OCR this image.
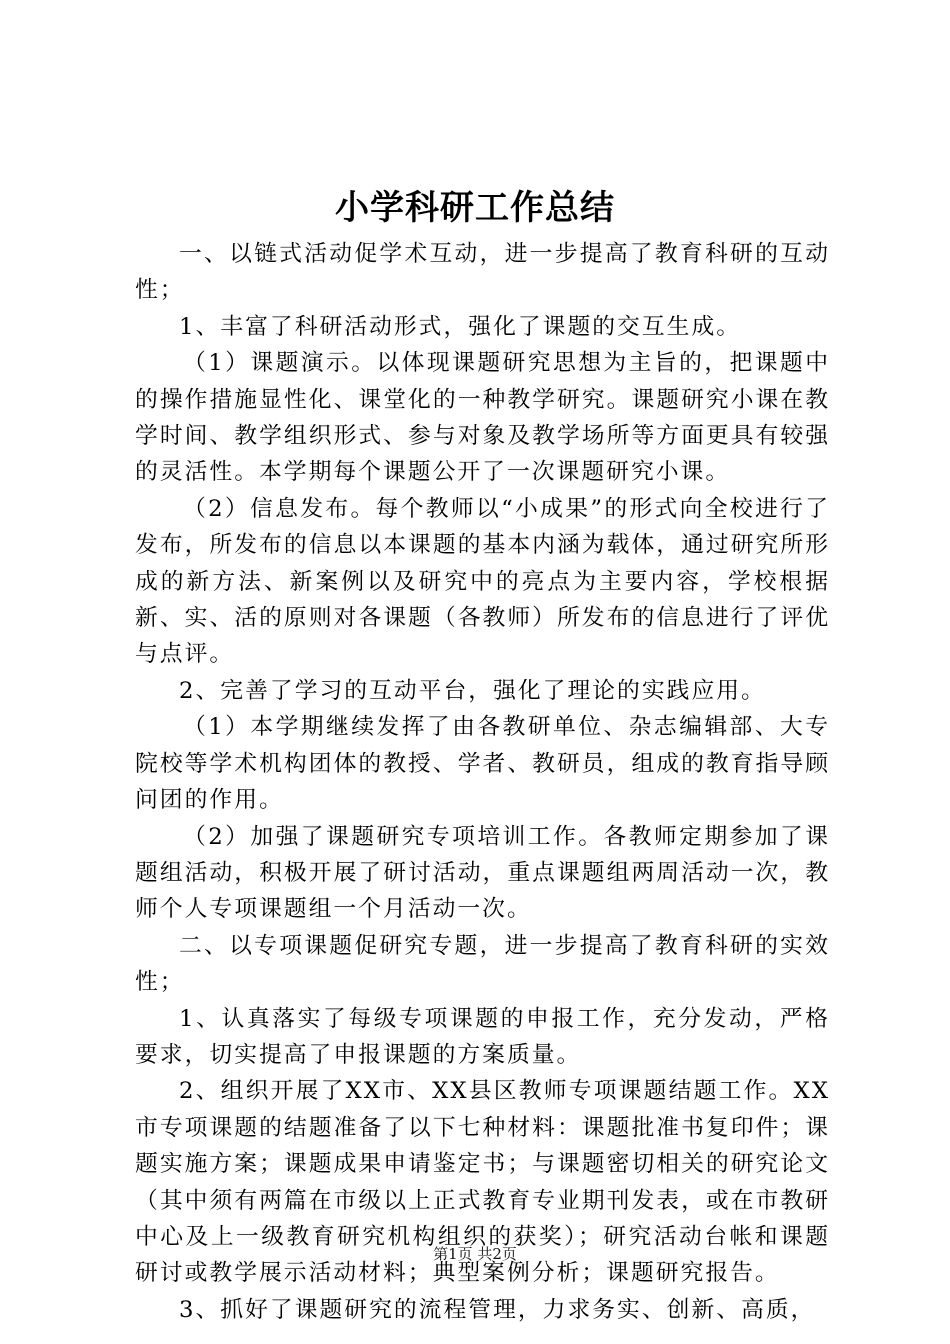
小学科研工作总结

一、以链式活动促学术互动，进一步提高了教育科研的互动性；

1、丰富了科研活动形式，强化了课题的交互生成。

（1）课题演示。以体现课题研究思想为主旨的，把课题中的操作措施显性化、课堂化的一种教学研究。课题研究小课在教学时间、教学组织形式、参与对象及教学场所等方面更具有较强的灵活性。本学期每个课题公开了一次课题研究小课。

（2）信息发布。每个教师以“小成果”的形式向全校进行了发布，所发布的信息以本课题的基本内涵为载体，通过研究所形成的新方法、新案例以及研究中的亮点为主要内容，学校根据新、实、活的原则对各课题（各教师）所发布的信息进行了评优与点评。

2、完善了学习的互动平台，强化了理论的实践应用。

（1）本学期继续发挥了由各教研单位、杂志编辑部、大专院校等学术机构团体的教授、学者、教研员，组成的教育指导顾问团的作用。

（2）加强了课题研究专项培训工作。各教师定期参加了课题组活动，积极开展了研讨活动，重点课题组两周活动一次，教师个人专项课题组一个月活动一次。

二、以专项课题促研究专题，进一步提高了教育科研的实效性；

1、认真落实了每级专项课题的申报工作，充分发动，严格要求，切实提高了申报课题的方案质量。

2、组织开展了XX市、XX县区教师专项课题结题工作。XX市专项课题的结题准备了以下七种材料：课题批准书复印件；课题实施方案；课题成果申请鉴定书；与课题密切相关的研究论文（其中须有两篇在市级以上正式教育专业期刊发表，或在市教研中心及上一级教育研究机构组织的获奖）；研究活动台帐和课题研讨或教学展示活动材料；典型案例分析；课题研究报告。

3、抓好了课题研究的流程管理，力求务实、创新、高质，

第1页 共2页
